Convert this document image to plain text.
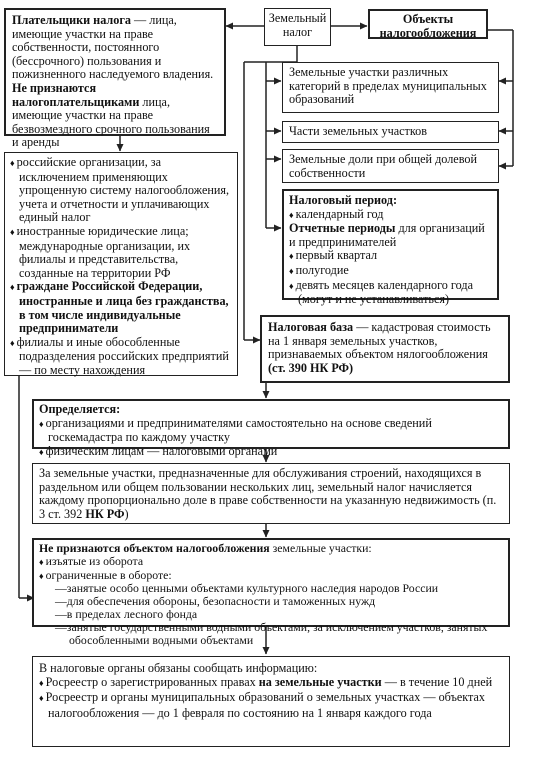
Земельный налог
Объекты налогообложения
Плательщики налога — лица, имеющие участки на праве собственности, постоянного (бессрочного) пользования и пожизненного наследуемого владения.
Не признаются налогоплательщиками лица, имеющие участки на праве безвозмездного срочного пользования и аренды
♦ российские организации, за исключением применяющих упрощенную систему налогообложения, учета и отчетности и уплачивающих единый налог
♦ иностранные юридические лица; международные организации, их филиалы и представительства, созданные на территории РФ
♦ граждане Российской Федерации, иностранные и лица без гражданства, в том числе индивидуальные предприниматели
♦ филиалы и иные обособленные подразделения российских предприятий — по месту нахождения
Земельные участки различных категорий в пределах муниципальных образований
Части земельных участков
Земельные доли при общей долевой собственности
Налоговый период:
♦ календарный год
Отчетные периоды для организаций и предпринимателей
♦ первый квартал
♦ полугодие
♦ девять месяцев календарного года (могут и не устанавливаться)
Налоговая база — кадастровая стоимость на 1 января земельных участков, признаваемых объектом нялогообложения (ст. 390 НК РФ)
Определяется:
♦ организациями и предпринимателями самостоятельно на основе сведений госкемадастра по каждому участку
♦ физическим лицам — налоговыми органами
За земельные участки, предназначенные для обслуживания строений, находящихся в раздельном или общем пользовании нескольких лиц, земельный налог начисляется каждому пропорционально доле в праве собственности на указанную недвижимость (п. 3 ст. 392 НК РФ)
Не признаются объектом налогообложения земельные участки:
♦ изъятые из оборота
♦ ограниченные в обороте:
— занятые особо ценными объектами культурного наследия народов России
— для обеспечения обороны, безопасности и таможенных нужд
— в пределах лесного фонда
— занятые государственными водными объектами, за исключением участков, занятых обособленными водными объектами
В налоговые органы обязаны сообщать информацию:
♦ Росреестр о зарегистрированных правах на земельные участки — в течение 10 дней
♦ Росреестр и органы муниципальных образований о земельных участках — объектах налогообложения — до 1 февраля по состоянию на 1 января каждого года
